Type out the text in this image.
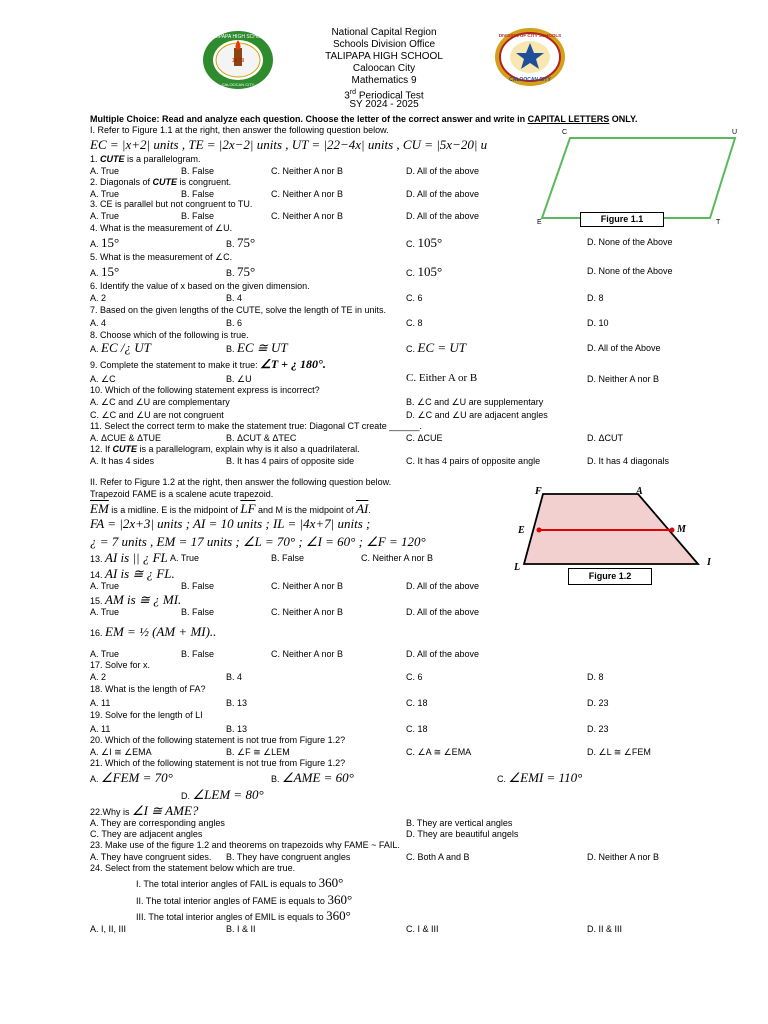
National Capital Region
Schools Division Office
TALIPAPA HIGH SCHOOL
Caloocan City
Mathematics 9
3rd Periodical Test
SY 2024 - 2025
TALIPAPA HIGH SCHOOL
19 79
CALOOCAN CITY
DIVISION OF CITY SCHOOLS
CALOOCAN CITY
Multiple Choice: Read and analyze each question. Choose the letter of the correct answer and write in CAPITAL LETTERS ONLY.
I. Refer to Figure 1.1 at the right, then answer the following question below.
EC = |x+2| units , TE = |2x−2| units , UT = |22−4x| units , CU = |5x−20| u
C	U
E	T
Figure 1.1
1. CUTE is a parallelogram.
A. True	B. False	C. Neither A nor B	D. All of the above
2. Diagonals of CUTE is congruent.
A. True	B. False	C. Neither A nor B	D. All of the above
3. CE is parallel but not congruent to TU.
A. True	B. False	C. Neither A nor B	D. All of the above
4. What is the measurement of ∠U.
A. 15°	B. 75°	C. 105°	D. None of the Above
5. What is the measurement of ∠C.
A. 15°	B. 75°	C. 105°	D. None of the Above
6. Identify the value of x based on the given dimension.
A. 2	B. 4	C. 6	D. 8
7. Based on the given lengths of the CUTE, solve the length of TE in units.
A. 4	B. 6	C. 8	D. 10
8. Choose which of the following is true.
A. EC /¿ UT	B. EC ≅ UT	C. EC = UT	D. All of the Above
9. Complete the statement to make it true: ∠T + ¿ 180°.
A. ∠C	B. ∠U	C. Either A or B	D. Neither A nor B
10. Which of the following statement express is incorrect?
A. ∠C and ∠U are complementary	B. ∠C and ∠U are supplementary
C. ∠C and ∠U are not congruent	D. ∠C and ∠U are adjacent angles
11. Select the correct term to make the statement true: Diagonal CT create ______.
A. ΔCUE & ΔTUE	B. ΔCUT & ΔTEC	C. ΔCUE	D. ΔCUT
12. If CUTE is a parallelogram, explain why is it also a quadrilateral.
A. It has 4 sides	B. It has 4 pairs of opposite side	C. It has 4 pairs of opposite angle	D. It has 4 diagonals
II. Refer to Figure 1.2 at the right, then answer the following question below.
Trapezoid FAME is a scalene acute trapezoid.
$\overline{EM}$ is a midline. E is the midpoint of $\overline{LF}$ and M is the midpoint of $\overline{AI}$.
FA = |2x+3| units ; AI = 10 units ; IL = |4x+7| units ;
¿ = 7 units , EM = 17 units ; ∠L = 70° ; ∠I = 60° ; ∠F = 120°
F	A
E	M
L	I
Figure 1.2
13. AI is || ¿ FL A. True	B. False	C. Neither A nor B
14. AI is ≅ ¿ FL.
A. True	B. False	C. Neither A nor B	D. All of the above
15. AM is ≅ ¿ MI.
A. True	B. False	C. Neither A nor B	D. All of the above
16. EM = ½ (AM + MI)..
A. True	B. False	C. Neither A nor B	D. All of the above
17. Solve for x.
A. 2	B. 4	C. 6	D. 8
18. What is the length of FA?
A. 11	B. 13	C. 18	D. 23
19. Solve for the length of LI
A. 11	B. 13	C. 18	D. 23
20. Which of the following statement is not true from Figure 1.2?
A. ∠I ≅ ∠EMA	B. ∠F ≅ ∠LEM	C. ∠A ≅ ∠EMA	D. ∠L ≅ ∠FEM
21. Which of the following statement is not true from Figure 1.2?
A. ∠FEM = 70°	B. ∠AME = 60°	C. ∠EMI = 110°
D. ∠LEM = 80°
22.Why is ∠I ≅ AME?
A. They are corresponding angles	B. They are vertical angles
C. They are adjacent angles	D. They are beautiful angels
23. Make use of the figure 1.2 and theorems on trapezoids why FAME ~ FAIL.
A. They have congruent sides. B. They have congruent angles	C. Both A and B	D. Neither A nor B
24. Select from the statement below which are true.
I. The total interior angles of FAIL is equals to 360°
II. The total interior angles of FAME is equals to 360°
III. The total interior angles of EMIL is equals to 360°
A. I, II, III	B. I & II	C. I & III	D. II & III
